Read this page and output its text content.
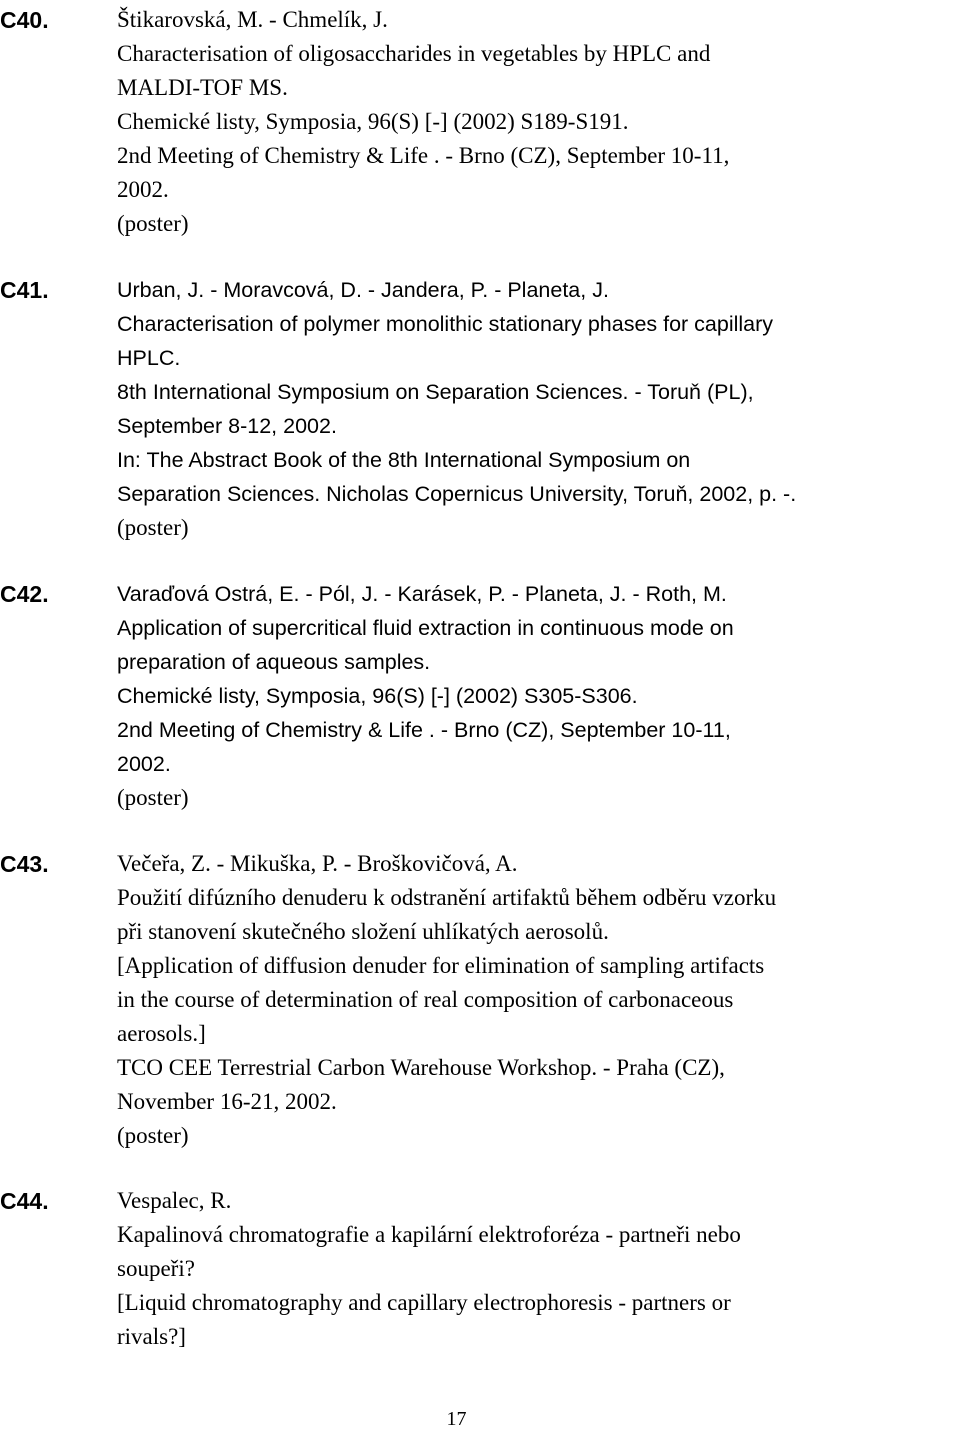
C40.	Štikarovská, M. - Chmelík, J.
Characterisation of oligosaccharides in vegetables by HPLC and
MALDI-TOF MS.
Chemické listy, Symposia, 96(S) [-] (2002) S189-S191.
2nd Meeting of Chemistry & Life . - Brno (CZ), September 10-11,
2002.
(poster)
C41.	Urban, J. - Moravcová, D. - Jandera, P. - Planeta, J.
Characterisation of polymer monolithic stationary phases for capillary
HPLC.
8th International Symposium on Separation Sciences. - Toruň (PL),
September 8-12, 2002.
In: The Abstract Book of the 8th International Symposium on
Separation Sciences. Nicholas Copernicus University, Toruň, 2002, p. -.
(poster)
C42.	Varaďová Ostrá, E. - Pól, J. - Karásek, P. - Planeta, J. - Roth, M.
Application of supercritical fluid extraction in continuous mode on
preparation of aqueous samples.
Chemické listy, Symposia, 96(S) [-] (2002) S305-S306.
2nd Meeting of Chemistry & Life . - Brno (CZ), September 10-11,
2002.
(poster)
C43.	Večeřa, Z. - Mikuška, P. - Broškovičová, A.
Použití difúzního denuderu k odstranění artifaktů během odběru vzorku
při stanovení skutečného složení uhlíkatých aerosolů.
[Application of diffusion denuder for elimination of sampling artifacts
in the course of determination of real composition of carbonaceous
aerosols.]
TCO CEE Terrestrial Carbon Warehouse Workshop. - Praha (CZ),
November 16-21, 2002.
(poster)
C44.	Vespalec, R.
Kapalinová chromatografie a kapilární elektroforéza - partneři nebo
soupeři?
[Liquid chromatography and capillary electrophoresis - partners or
rivals?]
17
